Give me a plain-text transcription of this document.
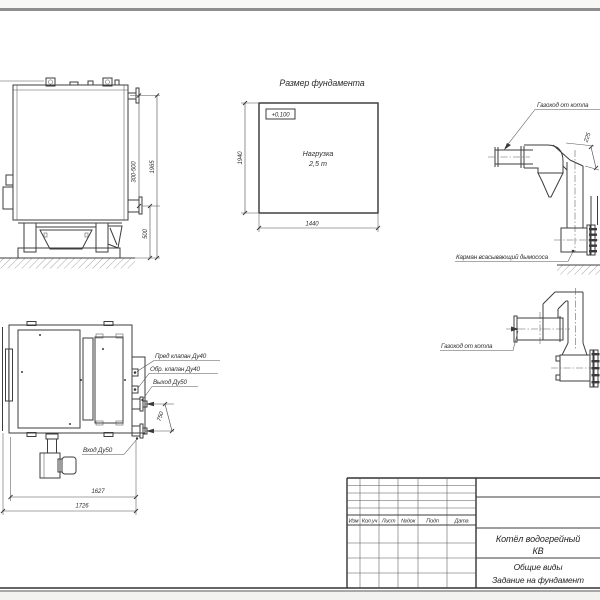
300-500 1965
500
Размер фундамента
+0,100
Нагрузка
2,5 т
1940
1440
Газоход от котла
225
Карман всасывающий дымососа
Газоход от котла
Пред клапан Ду40
Обр. клапан Ду40
Выход Ду50
Вход Ду50
750
1627
1726
Изм Кол.уч Лист №док Подп	Дата
Котёл водогрейный
КВ
Общие виды
Задание на фундамент
